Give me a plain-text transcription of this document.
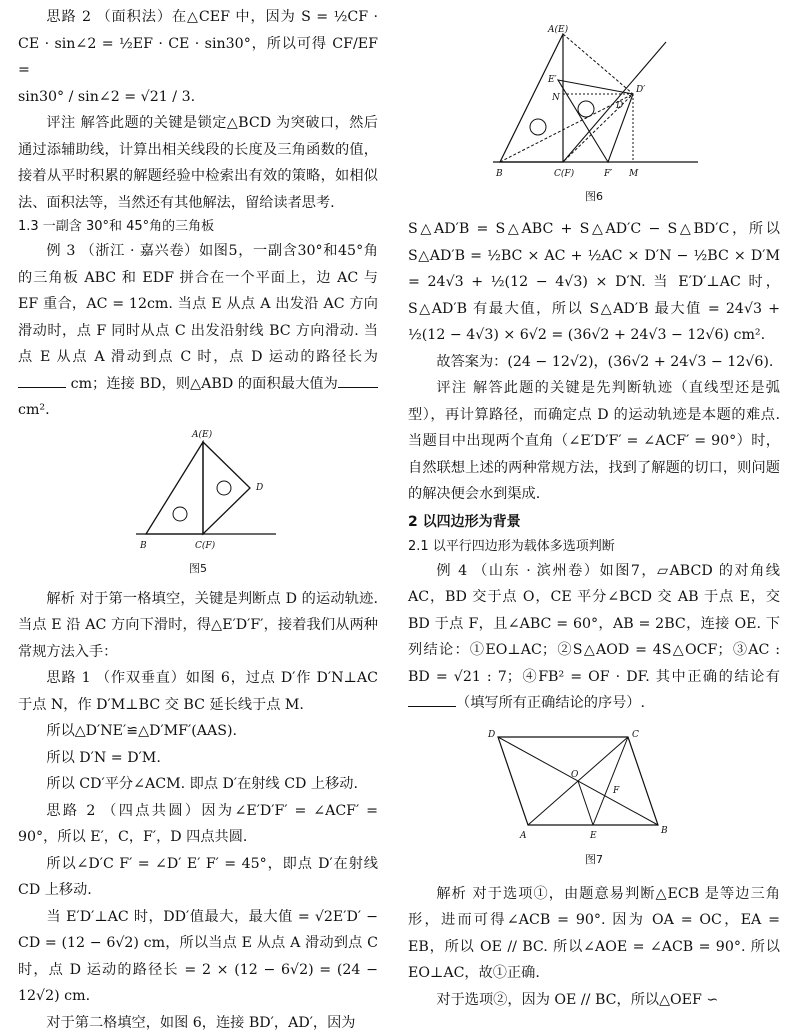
思路 2 （面积法）在△CEF 中，因为 S = ½CF · CE · sin∠2 = ½EF · CE · sin30°，所以可得 CF/EF =

sin30° / sin∠2 = √21 / 3.

评注 解答此题的关键是锁定△BCD 为突破口，然后通过添辅助线，计算出相关线段的长度及三角函数的值，接着从平时积累的解题经验中检索出有效的策略，如相似法、面积法等，当然还有其他解法，留给读者思考.

1.3 一副含 30°和 45°角的三角板

例 3 （浙江 · 嘉兴卷）如图5，一副含30°和45°角的三角板 ABC 和 EDF 拼合在一个平面上，边 AC 与 EF 重合，AC = 12cm. 当点 E 从点 A 出发沿 AC 方向滑动时，点 F 同时从点 C 出发沿射线 BC 方向滑动. 当点 E 从点 A 滑动到点 C 时，点 D 运动的路径长为 cm；连接 BD，则△ABD 的面积最大值为 cm².

A(E)
B	C(F)
D

图5

解析 对于第一格填空，关键是判断点 D 的运动轨迹. 当点 E 沿 AC 方向下滑时，得△E′D′F′，接着我们从两种常规方法入手：

思路 1 （作双垂直）如图 6，过点 D′作 D′N⊥AC 于点 N，作 D′M⊥BC 交 BC 延长线于点 M.

所以△D′NE′≌△D′MF′(AAS).

所以 D′N = D′M.

所以 CD′平分∠ACM. 即点 D′在射线 CD 上移动.

思路 2 （四点共圆）因为∠E′D′F′ = ∠ACF′ = 90°，所以 E′，C，F′，D 四点共圆.

所以∠D′C F′ = ∠D′ E′ F′ = 45°，即点 D′在射线 CD 上移动.

当 E′D′⊥AC 时，DD′值最大，最大值 = √2E′D′ − CD = (12 − 6√2) cm，所以当点 E 从点 A 滑动到点 C 时，点 D 运动的路径长 = 2 × (12 − 6√2) = (24 − 12√2) cm.

对于第二格填空，如图 6，连接 BD′，AD′，因为

A(E)
E′
N
D
D′
B	C(F)	F′ M

图6

S△AD′B = S△ABC + S△AD′C − S△BD′C，所以 S△AD′B = ½BC × AC + ½AC × D′N − ½BC × D′M = 24√3 + ½(12 − 4√3) × D′N. 当 E′D′⊥AC 时，S△AD′B 有最大值，所以 S△AD′B 最大值 = 24√3 + ½(12 − 4√3) × 6√2 = (36√2 + 24√3 − 12√6) cm².

故答案为：(24 − 12√2)，(36√2 + 24√3 − 12√6).

评注 解答此题的关键是先判断轨迹（直线型还是弧型），再计算路径，而确定点 D 的运动轨迹是本题的难点. 当题目中出现两个直角（∠E′D′F′ = ∠ACF′ = 90°）时，自然联想上述的两种常规方法，找到了解题的切口，则问题的解决便会水到渠成.

2 以四边形为背景

2.1 以平行四边形为载体多选项判断

例 4 （山东 · 滨州卷）如图7，▱ABCD 的对角线 AC，BD 交于点 O，CE 平分∠BCD 交 AB 于点 E，交 BD 于点 F，且∠ABC = 60°，AB = 2BC，连接 OE. 下列结论：①EO⊥AC；②S△AOD = 4S△OCF；③AC : BD = √21 : 7；④FB² = OF · DF. 其中正确的结论有（填写所有正确结论的序号）.

D	C
O
F
A	E	B

图7

解析 对于选项①，由题意易判断△ECB 是等边三角形，进而可得∠ACB = 90°. 因为 OA = OC，EA = EB，所以 OE // BC. 所以∠AOE = ∠ACB = 90°. 所以 EO⊥AC，故①正确.

对于选项②，因为 OE // BC，所以△OEF ∽
